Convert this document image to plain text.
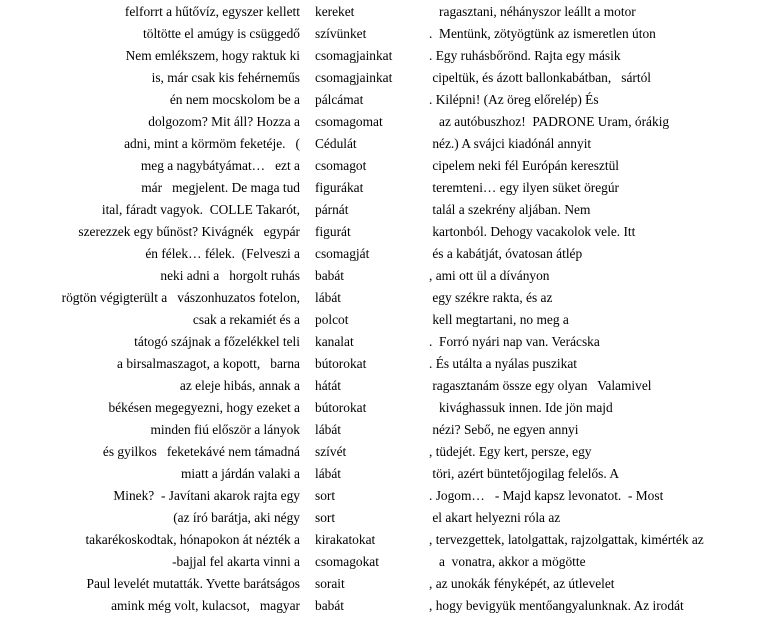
felforrt a hűtővíz, egyszer kellett kereket	ragasztani, néhányszor leállt a motor
töltötte el amúgy is csüggedő szívünket	.  Mentünk, zötyögtünk az ismeretlen úton
Nem emlékszem, hogy raktuk ki csomagjainkat	. Egy ruhásbőrönd. Rajta egy másik
is, már csak kis fehérneműs csomagjainkat	cipeltük, és ázott ballonkabátban,   sártól
én nem mocskolom be a pálcámat	. Kilépni! (Az öreg előrelép) És
dolgozom? Mit áll? Hozza a csomagomat	az autóbuszhoz!  PADRONE Uram, órákig
adni, mint a körmöm feketéje.   ( Cédulát	néz.) A svájci kiadónál annyit
meg a nagybátyámat…   ezt a csomagot	cipelem neki fél Európán keresztül
már   megjelent. De maga tud figurákat	teremteni… egy ilyen süket öregúr
ital, fáradt vagyok.  COLLE Takarót, párnát	talál a szekrény aljában. Nem
szerezzek egy bűnöst? Kivágnék   egypár figurát	kartonból. Dehogy vacakolok vele. Itt
én félek… félek.  (Felveszi a csomagját	és a kabátját, óvatosan átlép
neki adni a   horgolt ruhás babát	, ami ott ül a díványon
rögtön végigterült a   vászonhuzatos fotelon, lábát	egy székre rakta, és az
csak a rekamiét és a polcot	kell megtartani, no meg a
tátogó szájnak a főzelékkel teli kanalat	.  Forró nyári nap van. Verácska
a birsalmaszagot, a kopott,   barna bútorokat	. És utálta a nyálas puszikat
az eleje hibás, annak a hátát	ragasztanám össze egy olyan   Valamivel
békésen megegyezni, hogy ezeket a bútorokat	kivághassuk innen. Ide jön majd
minden fiú először a lányok lábát	nézi? Sebő, ne egyen annyi
és gyilkos   feketekávé nem támadná szívét	, tüdejét. Egy kert, persze, egy
miatt a járdán valaki a lábát	töri, azért büntetőjogilag felelős. A
Minek?  - Javítani akarok rajta egy sort	. Jogom…   - Majd kapsz levonatot.  - Most
(az író barátja, aki négy sort	el akart helyezni róla az
takarékoskodtak, hónapokon át nézték a kirakatokat	, tervezgettek, latolgattak, rajzolgattak, kimérték az
-bajjal fel akarta vinni a csomagokat	a  vonatra, akkor a mögötte
Paul levelét mutatták. Yvette barátságos sorait	, az unokák fényképét, az útlevelet
amink még volt, kulacsot,   magyar babát	, hogy bevigyük mentőangyalunknak. Az irodát
